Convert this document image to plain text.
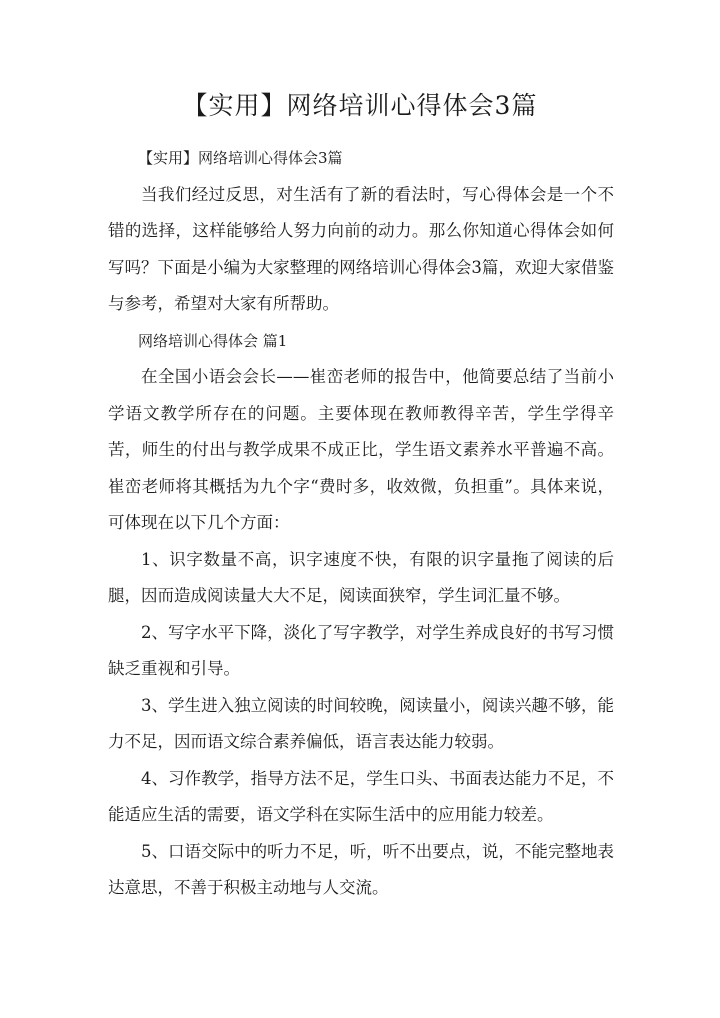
【实用】网络培训心得体会3篇

【实用】网络培训心得体会3篇

当我们经过反思，对生活有了新的看法时，写心得体会是一个不错的选择，这样能够给人努力向前的动力。那么你知道心得体会如何写吗？下面是小编为大家整理的网络培训心得体会3篇，欢迎大家借鉴与参考，希望对大家有所帮助。

网络培训心得体会 篇1

在全国小语会会长——崔峦老师的报告中，他简要总结了当前小学语文教学所存在的问题。主要体现在教师教得辛苦，学生学得辛苦，师生的付出与教学成果不成正比，学生语文素养水平普遍不高。崔峦老师将其概括为九个字“费时多，收效微，负担重”。具体来说，可体现在以下几个方面：

1、识字数量不高，识字速度不快，有限的识字量拖了阅读的后腿，因而造成阅读量大大不足，阅读面狭窄，学生词汇量不够。

2、写字水平下降，淡化了写字教学，对学生养成良好的书写习惯缺乏重视和引导。

3、学生进入独立阅读的时间较晚，阅读量小，阅读兴趣不够，能力不足，因而语文综合素养偏低，语言表达能力较弱。

4、习作教学，指导方法不足，学生口头、书面表达能力不足，不能适应生活的需要，语文学科在实际生活中的应用能力较差。

5、口语交际中的听力不足，听，听不出要点，说，不能完整地表达意思，不善于积极主动地与人交流。
